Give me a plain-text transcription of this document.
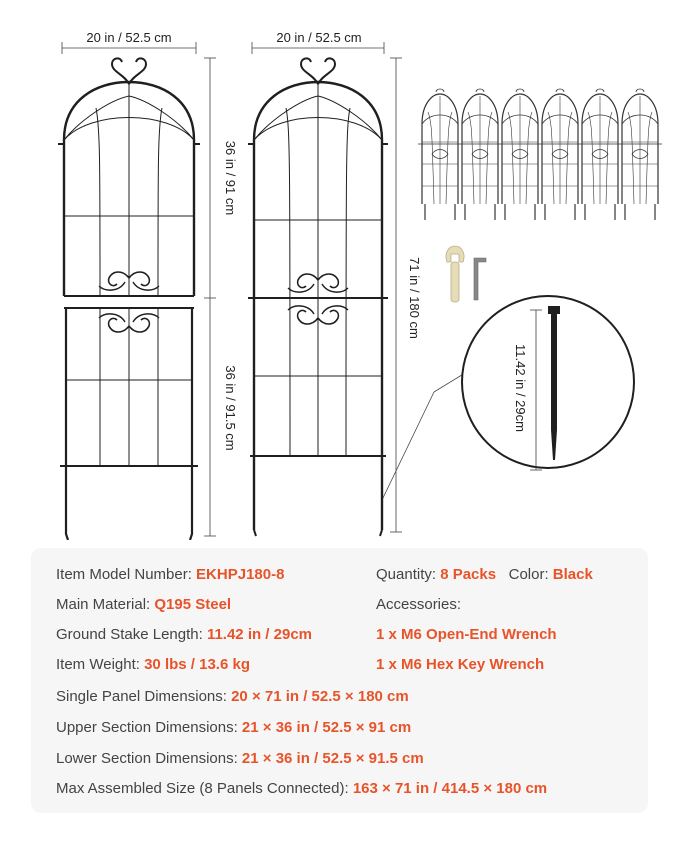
20 in / 52.5 cm	20 in / 52.5 cm
36 in / 91 cm
36 in / 91.5 cm
71 in / 180 cm
11.42 in / 29cm
Item Model Number: EKHPJ180-8
Main Material: Q195 Steel
Ground Stake Length: 11.42 in / 29cm
Item Weight: 30 lbs / 13.6 kg
Single Panel Dimensions: 20 × 71 in / 52.5 × 180 cm
Upper Section Dimensions: 21 × 36 in / 52.5 × 91 cm
Lower Section Dimensions: 21 × 36 in / 52.5 × 91.5 cm
Max Assembled Size (8 Panels Connected): 163 × 71 in / 414.5 × 180 cm
Quantity: 8 Packs Color: Black
Accessories:
1 x M6 Open-End Wrench
1 x M6 Hex Key Wrench
